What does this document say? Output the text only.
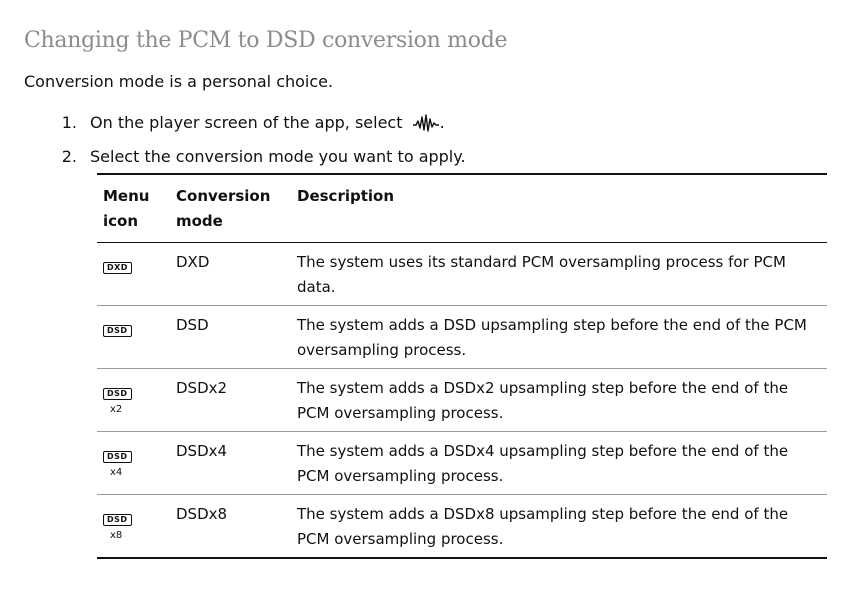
Changing the PCM to DSD conversion mode
Conversion mode is a personal choice.
1. On the player screen of the app, select .
2. Select the conversion mode you want to apply.
Menu icon	Conversion mode	Description

DXD	DXD	The system uses its standard PCM oversampling process for PCM data.

DSD	DSD	The system adds a DSD upsampling step before the end of the PCM oversampling process.

DSD
x2	DSDx2	The system adds a DSDx2 upsampling step before the end of the PCM oversampling process.

DSD
x4	DSDx4	The system adds a DSDx4 upsampling step before the end of the PCM oversampling process.

DSD
x8	DSDx8	The system adds a DSDx8 upsampling step before the end of the PCM oversampling process.
